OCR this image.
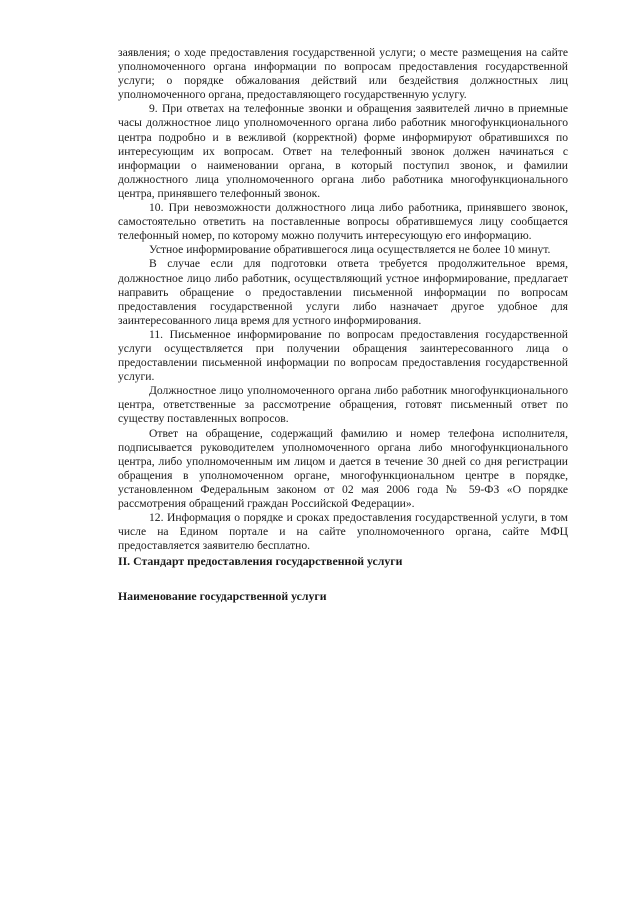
заявления; о ходе предоставления государственной услуги; о месте размещения на сайте уполномоченного органа информации по вопросам предоставления государственной услуги; о порядке обжалования действий или бездействия должностных лиц уполномоченного органа, предоставляющего государственную услугу.

9. При ответах на телефонные звонки и обращения заявителей лично в приемные часы должностное лицо уполномоченного органа либо работник многофункционального центра подробно и в вежливой (корректной) форме информируют обратившихся по интересующим их вопросам. Ответ на телефонный звонок должен начинаться с информации о наименовании органа, в который поступил звонок, и фамилии должностного лица уполномоченного органа либо работника многофункционального центра, принявшего телефонный звонок.

10. При невозможности должностного лица либо работника, принявшего звонок, самостоятельно ответить на поставленные вопросы обратившемуся лицу сообщается телефонный номер, по которому можно получить интересующую его информацию.

Устное информирование обратившегося лица осуществляется не более 10 минут.

В случае если для подготовки ответа требуется продолжительное время, должностное лицо либо работник, осуществляющий устное информирование, предлагает направить обращение о предоставлении письменной информации по вопросам предоставления государственной услуги либо назначает другое удобное для заинтересованного лица время для устного информирования.

11. Письменное информирование по вопросам предоставления государственной услуги осуществляется при получении обращения заинтересованного лица о предоставлении письменной информации по вопросам предоставления государственной услуги.

Должностное лицо уполномоченного органа либо работник многофункционального центра, ответственные за рассмотрение обращения, готовят письменный ответ по существу поставленных вопросов.

Ответ на обращение, содержащий фамилию и номер телефона исполнителя, подписывается руководителем уполномоченного органа либо многофункционального центра, либо уполномоченным им лицом и дается в течение 30 дней со дня регистрации обращения в уполномоченном органе, многофункциональном центре в порядке, установленном Федеральным законом от 02 мая 2006 года № 59-ФЗ «О порядке рассмотрения обращений граждан Российской Федерации».

12. Информация о порядке и сроках предоставления государственной услуги, в том числе на Едином портале и на сайте уполномоченного органа, сайте МФЦ предоставляется заявителю бесплатно.

II. Стандарт предоставления государственной услуги

Наименование государственной услуги
